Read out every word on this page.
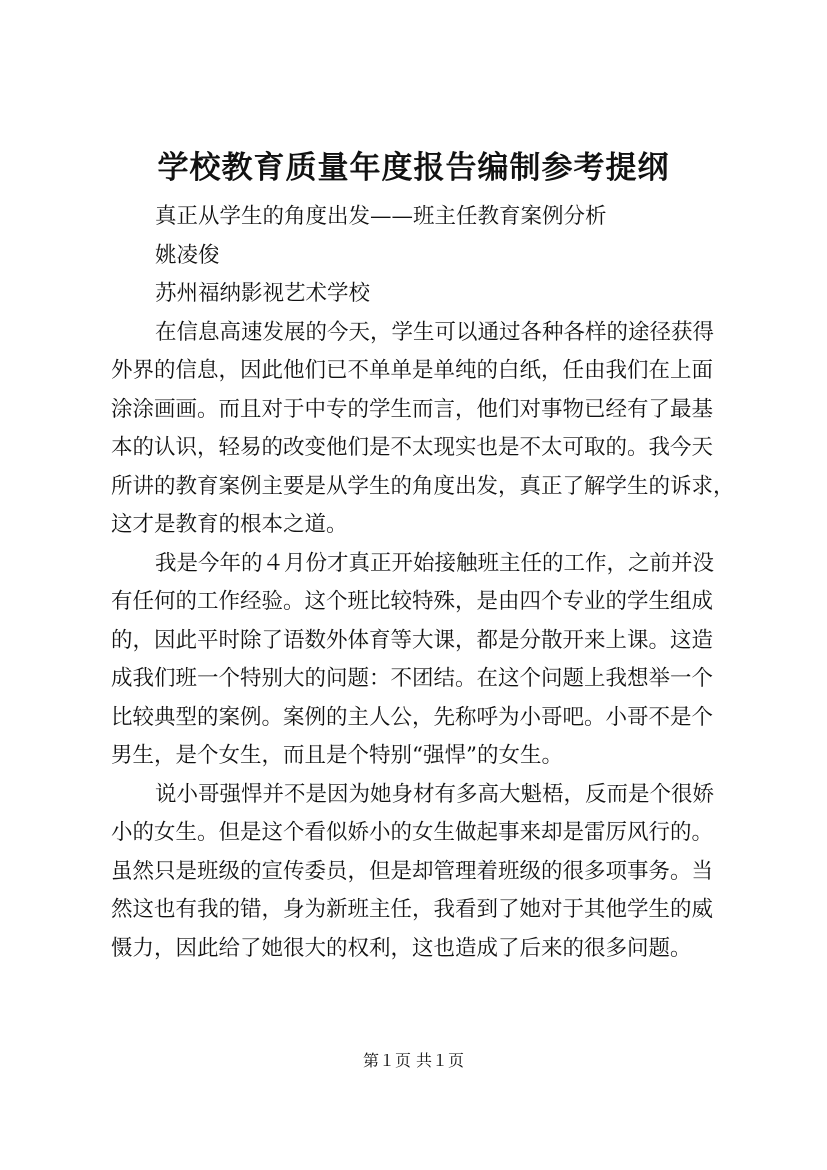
学校教育质量年度报告编制参考提纲
真正从学生的角度出发——班主任教育案例分析
姚凌俊
苏州福纳影视艺术学校
在信息高速发展的今天，学生可以通过各种各样的途径获得
外界的信息，因此他们已不单单是单纯的白纸，任由我们在上面
涂涂画画。而且对于中专的学生而言，他们对事物已经有了最基
本的认识，轻易的改变他们是不太现实也是不太可取的。我今天
所讲的教育案例主要是从学生的角度出发，真正了解学生的诉求，
这才是教育的根本之道。
我是今年的４月份才真正开始接触班主任的工作，之前并没
有任何的工作经验。这个班比较特殊，是由四个专业的学生组成
的，因此平时除了语数外体育等大课，都是分散开来上课。这造
成我们班一个特别大的问题：不团结。在这个问题上我想举一个
比较典型的案例。案例的主人公，先称呼为小哥吧。小哥不是个
男生，是个女生，而且是个特别“强悍”的女生。
说小哥强悍并不是因为她身材有多高大魁梧，反而是个很娇
小的女生。但是这个看似娇小的女生做起事来却是雷厉风行的。
虽然只是班级的宣传委员，但是却管理着班级的很多项事务。当
然这也有我的错，身为新班主任，我看到了她对于其他学生的威
慑力，因此给了她很大的权利，这也造成了后来的很多问题。
第１页 共１页
